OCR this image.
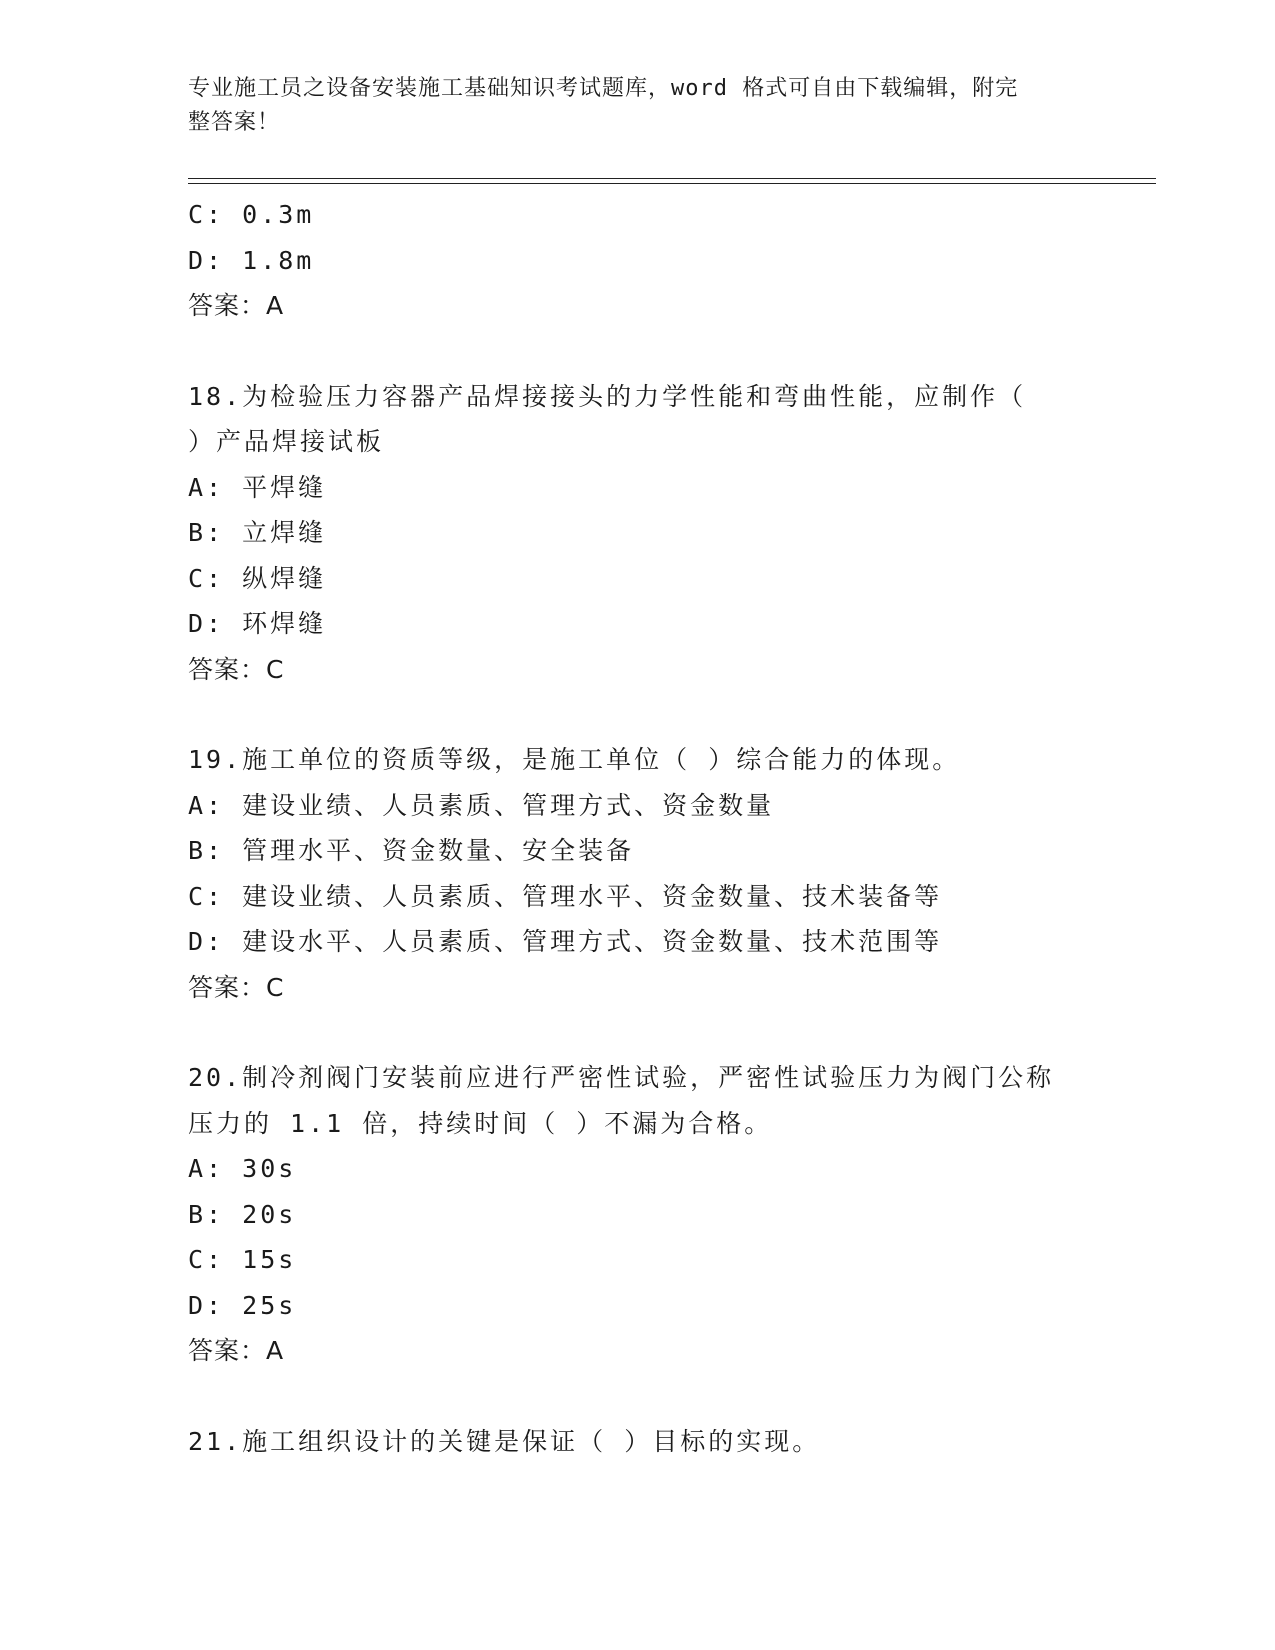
专业施工员之设备安装施工基础知识考试题库，word 格式可自由下载编辑，附完
整答案！
C: 0.3m
D: 1.8m
答案：A
18.为检验压力容器产品焊接接头的力学性能和弯曲性能，应制作（
）产品焊接试板
A: 平焊缝
B: 立焊缝
C: 纵焊缝
D: 环焊缝
答案：C
19.施工单位的资质等级，是施工单位（ ）综合能力的体现。
A: 建设业绩、人员素质、管理方式、资金数量
B: 管理水平、资金数量、安全装备
C: 建设业绩、人员素质、管理水平、资金数量、技术装备等
D: 建设水平、人员素质、管理方式、资金数量、技术范围等
答案：C
20.制冷剂阀门安装前应进行严密性试验，严密性试验压力为阀门公称
压力的 1.1 倍，持续时间（ ）不漏为合格。
A: 30s
B: 20s
C: 15s
D: 25s
答案：A
21.施工组织设计的关键是保证（ ）目标的实现。
